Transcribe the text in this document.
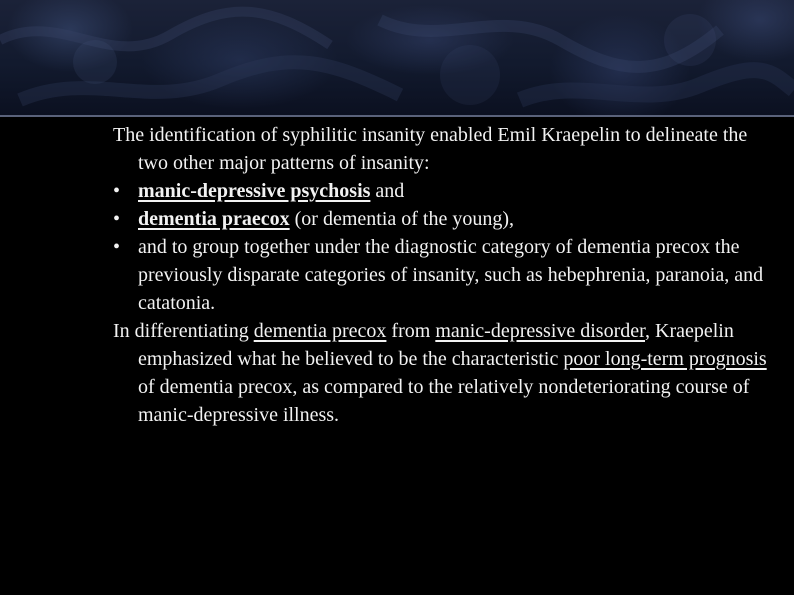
The identification of syphilitic insanity enabled Emil Kraepelin to delineate the two other major patterns of insanity:

• manic-depressive psychosis and

• dementia praecox (or dementia of the young),

• and to group together under the diagnostic category of dementia precox the previously disparate categories of insanity, such as hebephrenia, paranoia, and catatonia.

In differentiating dementia precox from manic-depressive disorder, Kraepelin emphasized what he believed to be the characteristic poor long-term prognosis of dementia precox, as compared to the relatively nondeteriorating course of manic-depressive illness.
